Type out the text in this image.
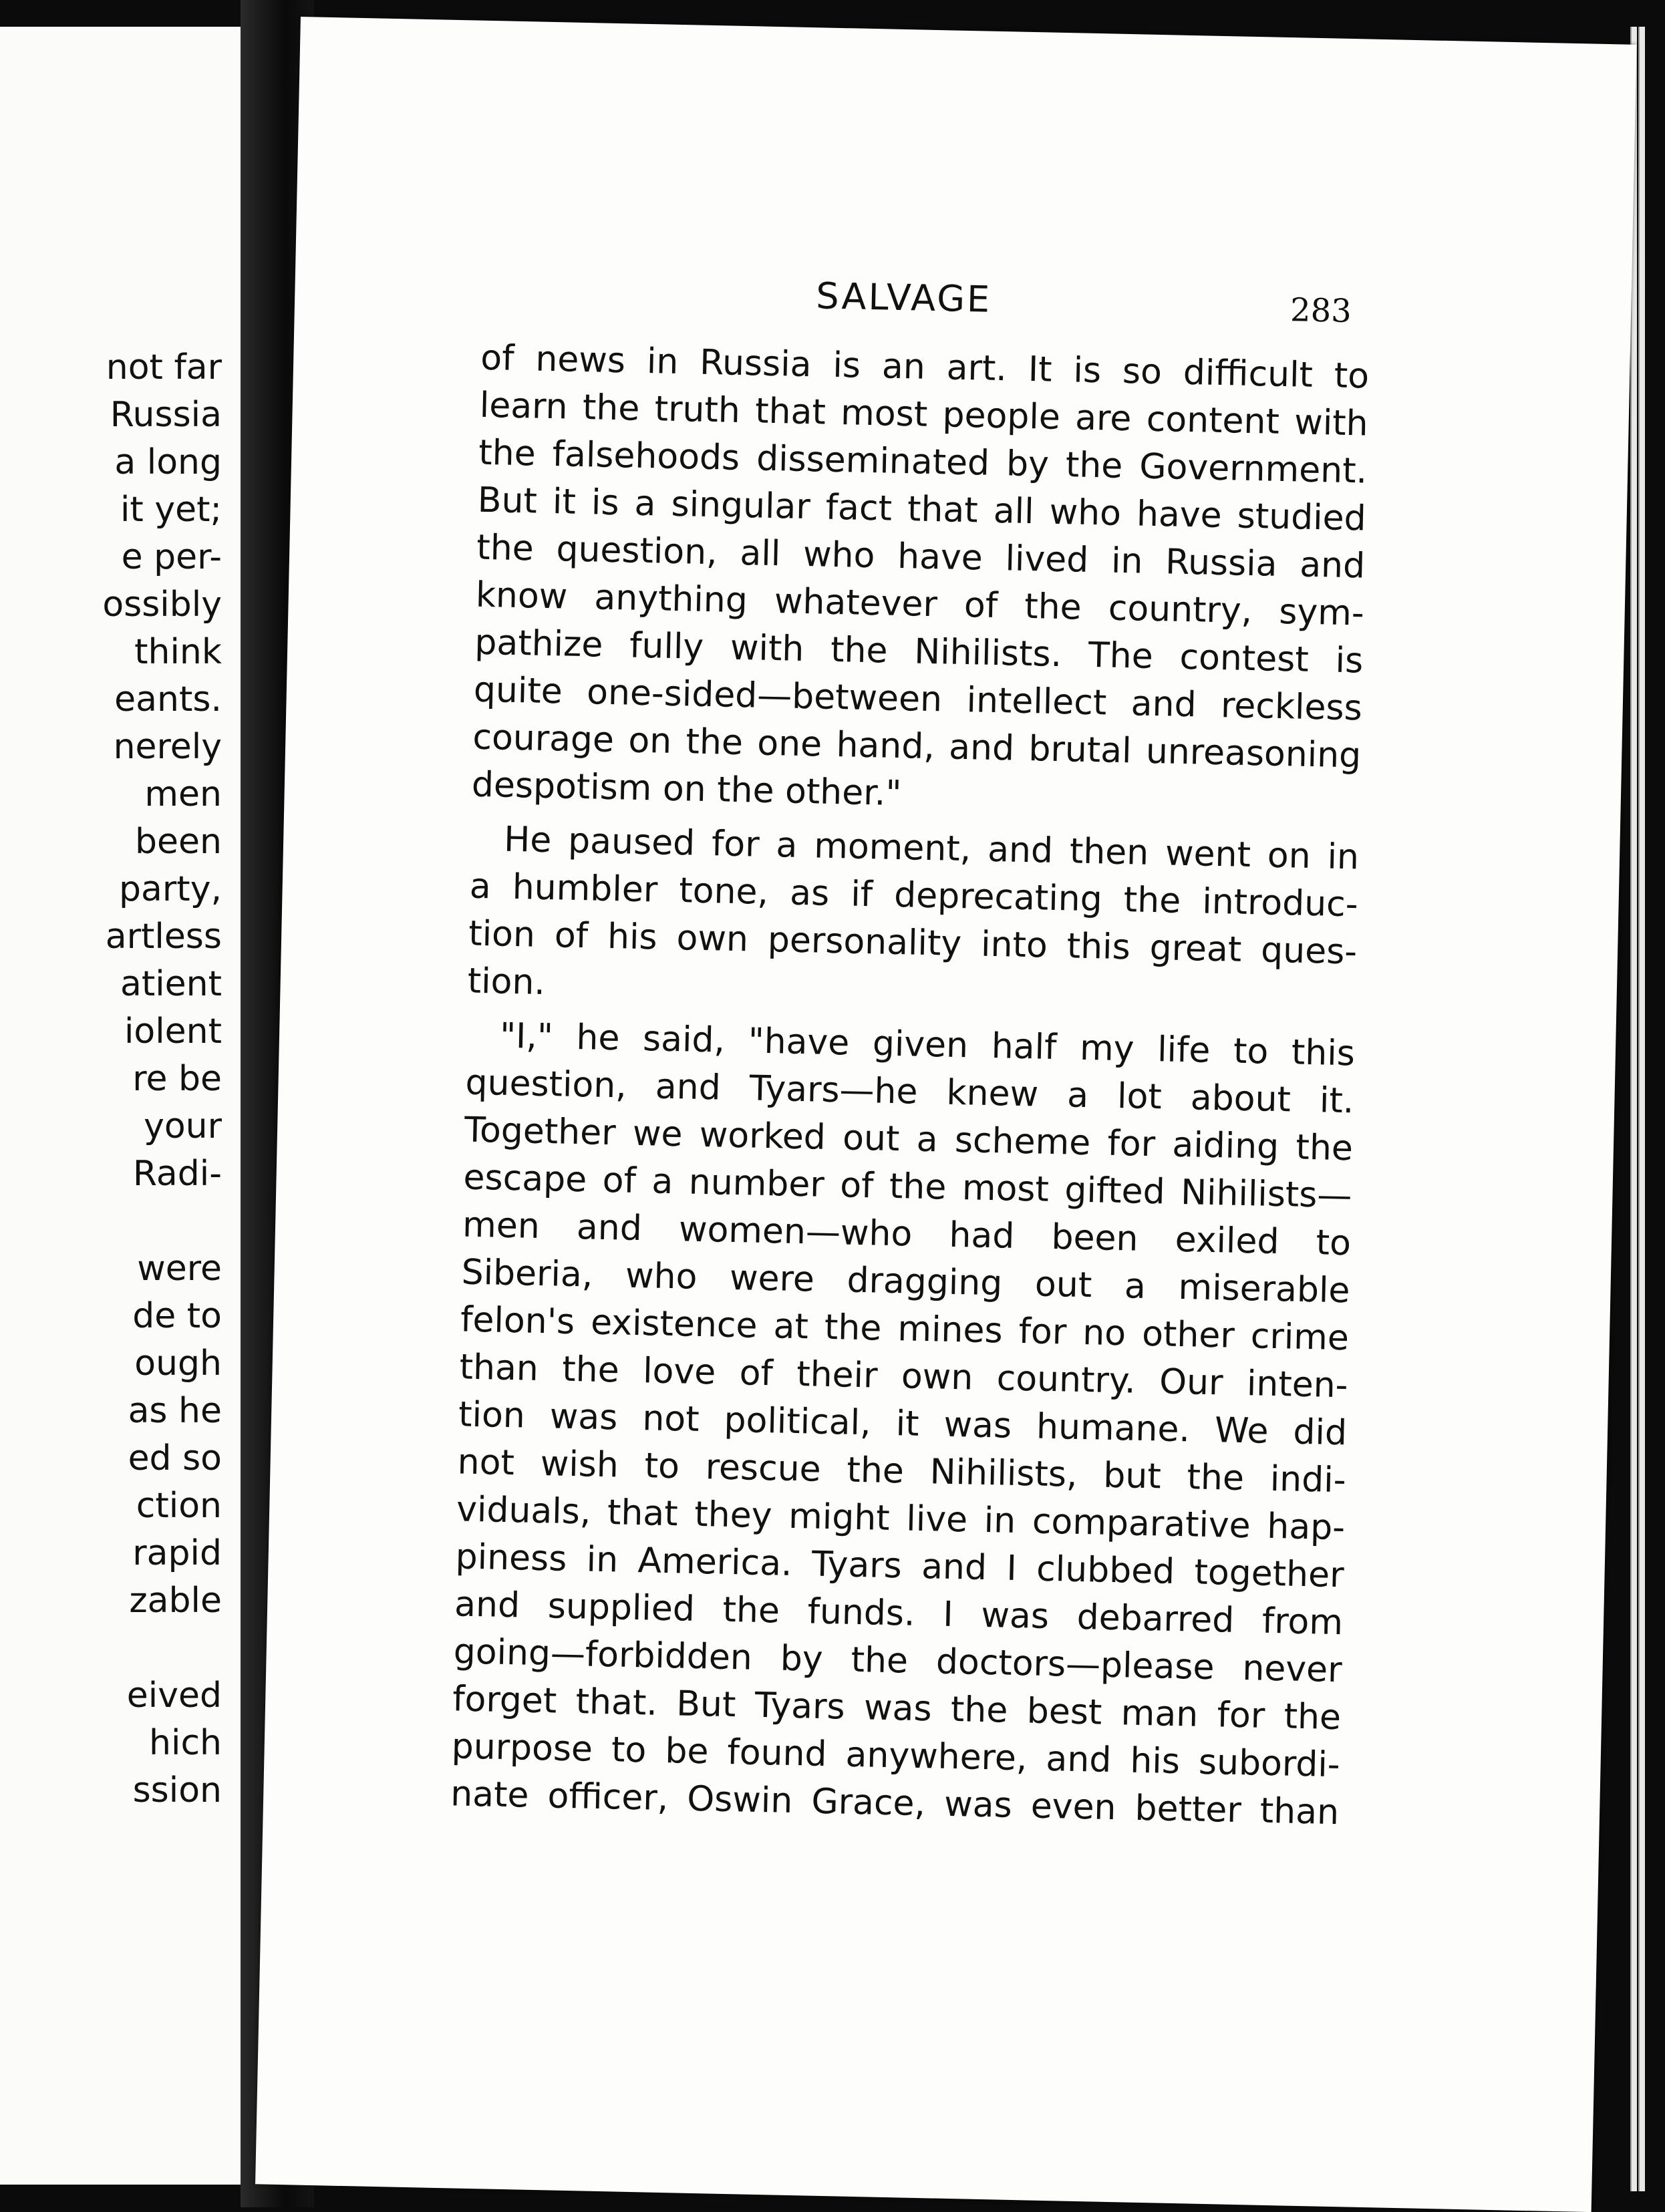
not far
Russia
a long
it yet;
e per-
ossibly
think
eants.
nerely
men
been
party,
artless
atient
iolent
re be
your
Radi-
were
de to
ough
as he
ed so
ction
rapid
zable
eived
hich
ssion
SALVAGE	283
of news in Russia is an art. It is so difficult to
learn the truth that most people are content with
the falsehoods disseminated by the Government.
But it is a singular fact that all who have studied
the question, all who have lived in Russia and
know anything whatever of the country, sym-
pathize fully with the Nihilists. The contest is
quite one-sided—between intellect and reckless
courage on the one hand, and brutal unreasoning
despotism on the other."
He paused for a moment, and then went on in
a humbler tone, as if deprecating the introduc-
tion of his own personality into this great ques-
tion.
"I," he said, "have given half my life to this
question, and Tyars—he knew a lot about it.
Together we worked out a scheme for aiding the
escape of a number of the most gifted Nihilists—
men and women—who had been exiled to
Siberia, who were dragging out a miserable
felon's existence at the mines for no other crime
than the love of their own country. Our inten-
tion was not political, it was humane. We did
not wish to rescue the Nihilists, but the indi-
viduals, that they might live in comparative hap-
piness in America. Tyars and I clubbed together
and supplied the funds. I was debarred from
going—forbidden by the doctors—please never
forget that. But Tyars was the best man for the
purpose to be found anywhere, and his subordi-
nate officer, Oswin Grace, was even better than
